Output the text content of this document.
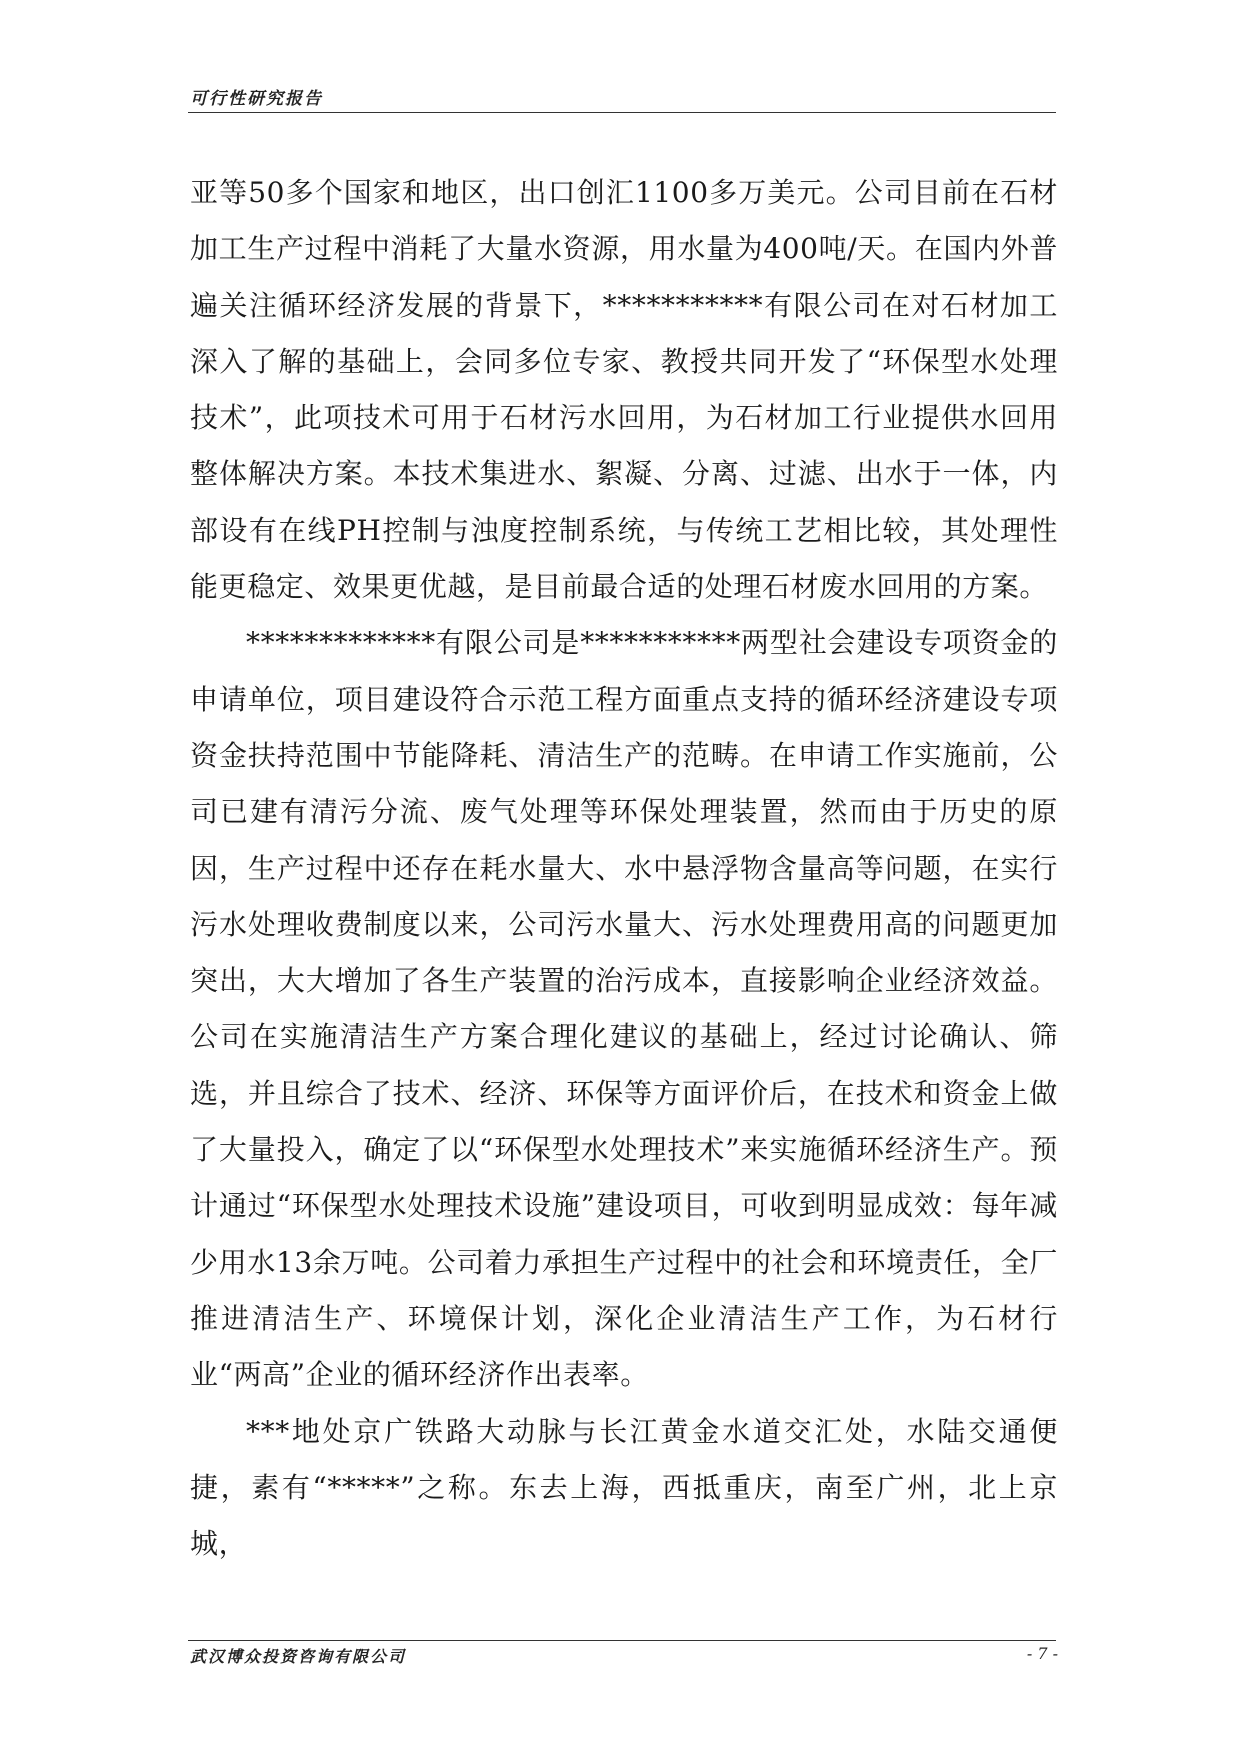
可行性研究报告

亚等50多个国家和地区，出口创汇1100多万美元。公司目前在石材加工生产过程中消耗了大量水资源，用水量为400吨/天。在国内外普遍关注循环经济发展的背景下，***********有限公司在对石材加工深入了解的基础上，会同多位专家、教授共同开发了“环保型水处理技术”，此项技术可用于石材污水回用，为石材加工行业提供水回用整体解决方案。本技术集进水、絮凝、分离、过滤、出水于一体，内部设有在线PH控制与浊度控制系统，与传统工艺相比较，其处理性能更稳定、效果更优越，是目前最合适的处理石材废水回用的方案。

*************有限公司是***********两型社会建设专项资金的申请单位，项目建设符合示范工程方面重点支持的循环经济建设专项资金扶持范围中节能降耗、清洁生产的范畴。在申请工作实施前，公司已建有清污分流、废气处理等环保处理装置，然而由于历史的原因，生产过程中还存在耗水量大、水中悬浮物含量高等问题，在实行污水处理收费制度以来，公司污水量大、污水处理费用高的问题更加突出，大大增加了各生产装置的治污成本，直接影响企业经济效益。公司在实施清洁生产方案合理化建议的基础上，经过讨论确认、筛选，并且综合了技术、经济、环保等方面评价后，在技术和资金上做了大量投入，确定了以“环保型水处理技术”来实施循环经济生产。预计通过“环保型水处理技术设施”建设项目，可收到明显成效：每年减少用水13余万吨。公司着力承担生产过程中的社会和环境责任，全厂推进清洁生产、环境保计划，深化企业清洁生产工作，为石材行业“两高”企业的循环经济作出表率。

***地处京广铁路大动脉与长江黄金水道交汇处，水陆交通便捷，素有“*****”之称。东去上海，西抵重庆，南至广州，北上京城，

武汉博众投资咨询有限公司	- 7 -
